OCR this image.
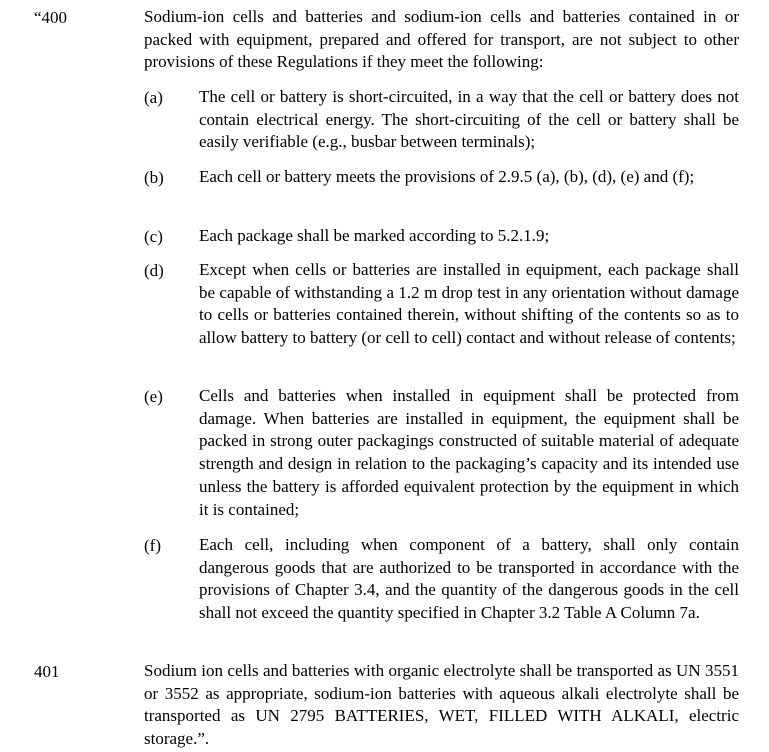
“400	Sodium-ion cells and batteries and sodium-ion cells and batteries contained in or packed with equipment, prepared and offered for transport, are not subject to other provisions of these Regulations if they meet the following:
(a) The cell or battery is short-circuited, in a way that the cell or battery does not contain electrical energy. The short-circuiting of the cell or battery shall be easily verifiable (e.g., busbar between terminals);
(b) Each cell or battery meets the provisions of 2.9.5 (a), (b), (d), (e) and (f);
(c) Each package shall be marked according to 5.2.1.9;
(d) Except when cells or batteries are installed in equipment, each package shall be capable of withstanding a 1.2 m drop test in any orientation without damage to cells or batteries contained therein, without shifting of the contents so as to allow battery to battery (or cell to cell) contact and without release of contents;
(e) Cells and batteries when installed in equipment shall be protected from damage. When batteries are installed in equipment, the equipment shall be packed in strong outer packagings constructed of suitable material of adequate strength and design in relation to the packaging’s capacity and its intended use unless the battery is afforded equivalent protection by the equipment in which it is contained;
(f) Each cell, including when component of a battery, shall only contain dangerous goods that are authorized to be transported in accordance with the provisions of Chapter 3.4, and the quantity of the dangerous goods in the cell shall not exceed the quantity specified in Chapter 3.2 Table A Column 7a.
401	Sodium ion cells and batteries with organic electrolyte shall be transported as UN 3551 or 3552 as appropriate, sodium-ion batteries with aqueous alkali electrolyte shall be transported as UN 2795 BATTERIES, WET, FILLED WITH ALKALI, electric storage.”.
